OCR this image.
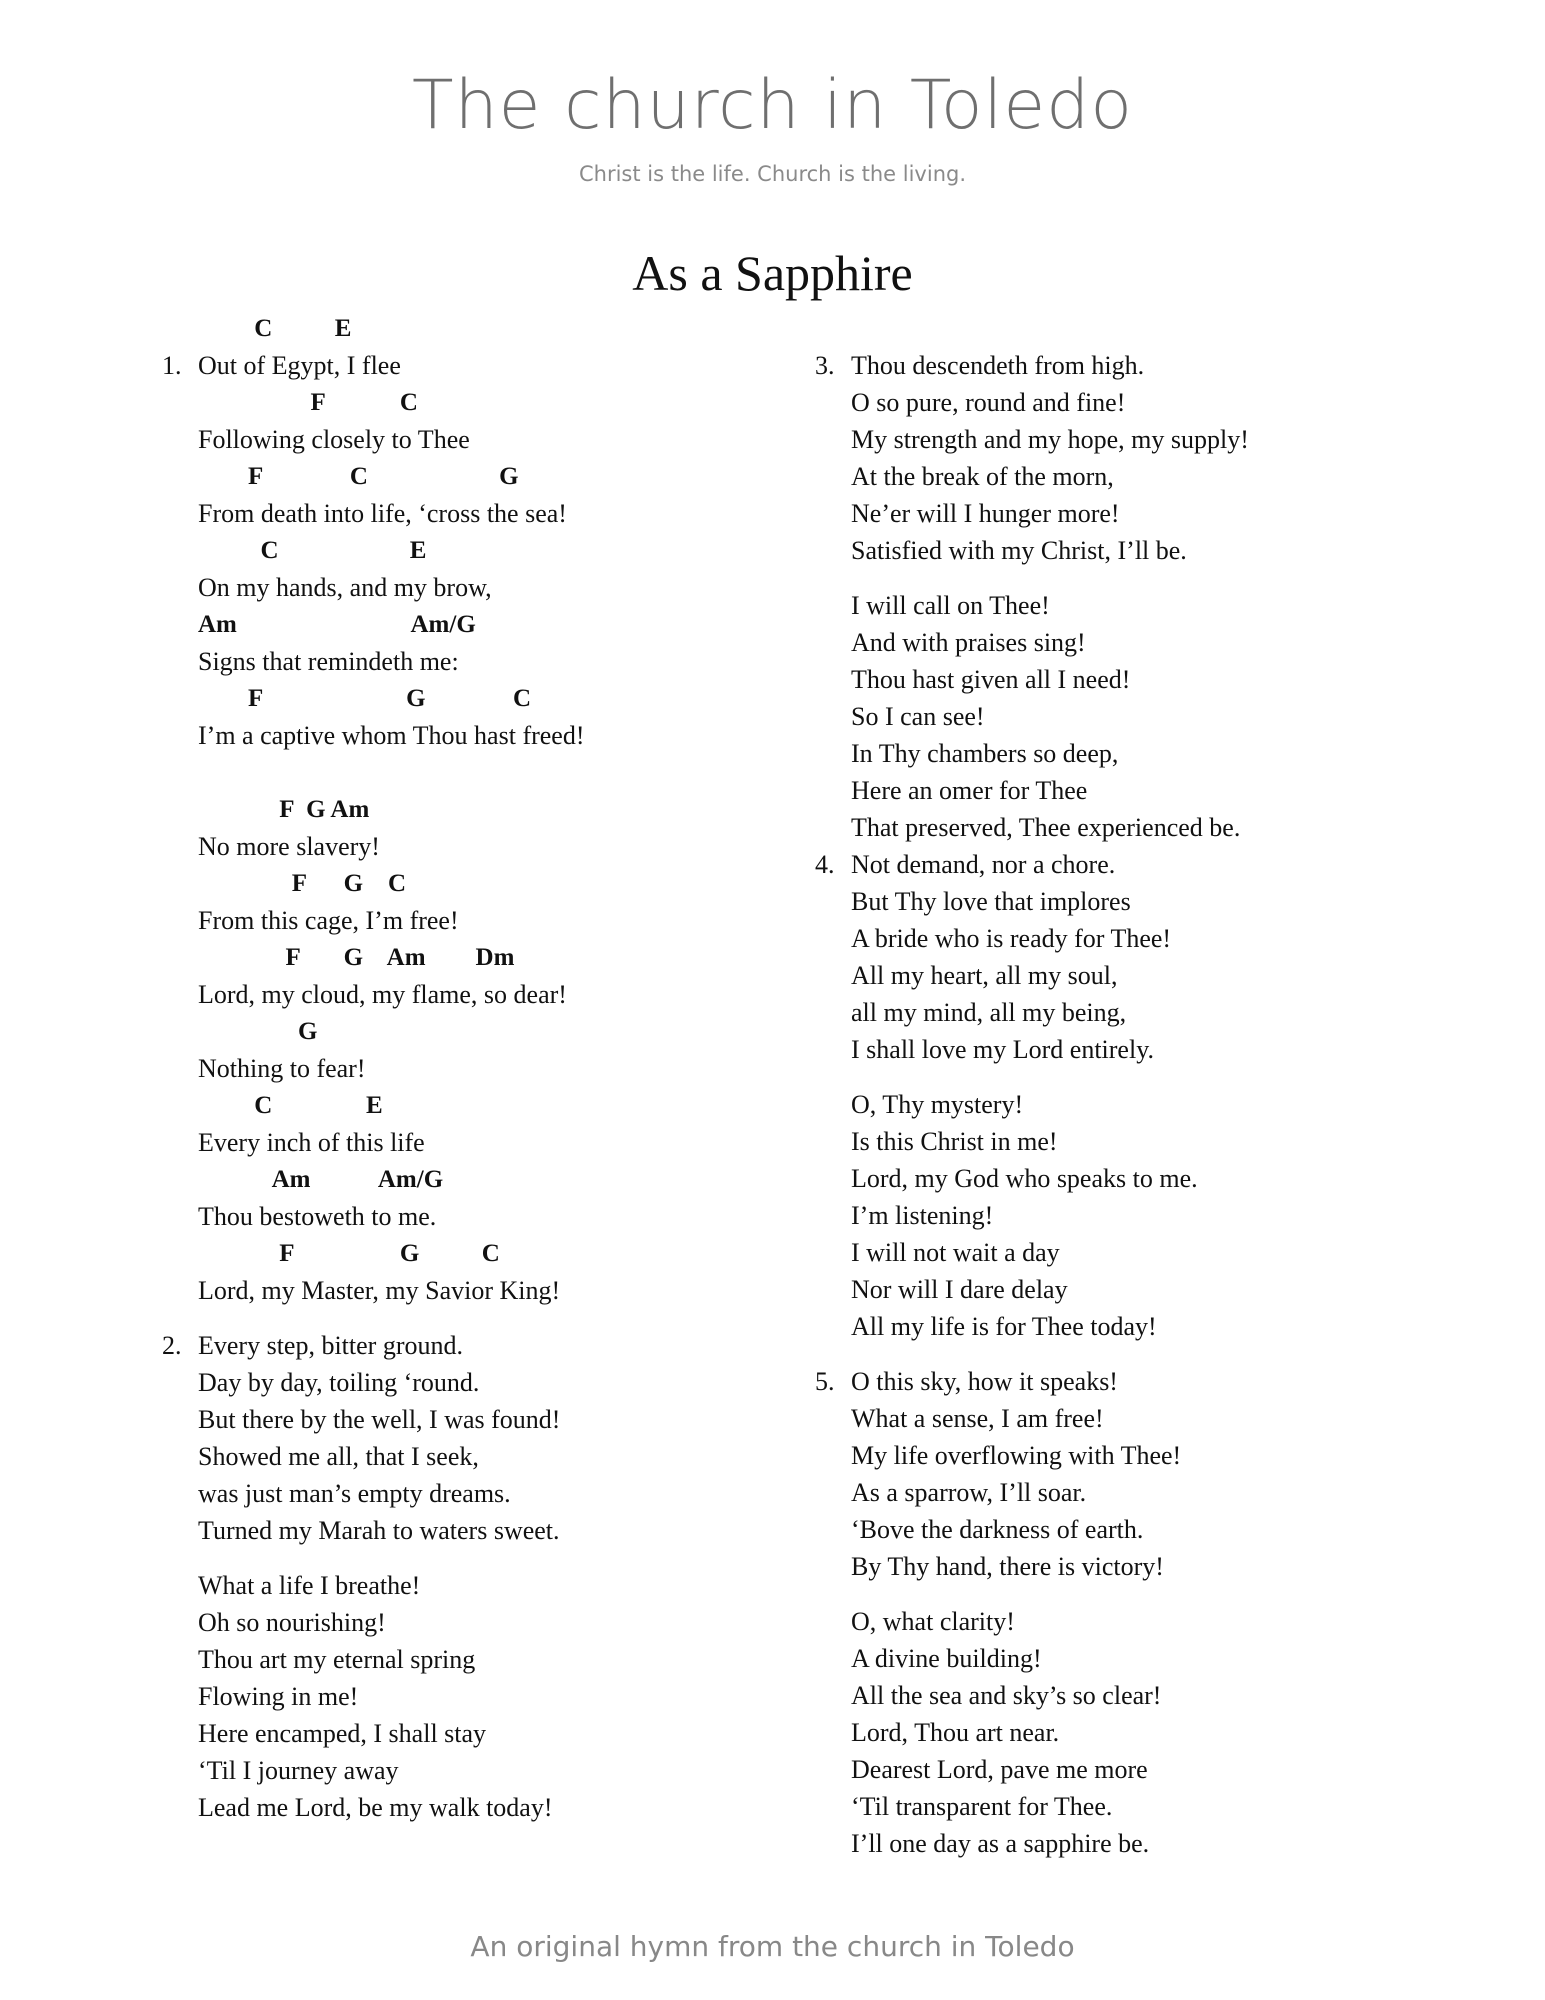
The church in Toledo
Christ is the life. Church is the living.
As a Sapphire
C          E
1. Out of Egypt, I flee
F            C
Following closely to Thee
F              C                     G
From death into life, ‘cross the sea!
C                     E
On my hands, and my brow,
Am                            Am/G
Signs that remindeth me:
F                       G              C
I’m a captive whom Thou hast freed!
F  G Am
No more slavery!
F      G    C
From this cage, I’m free!
F       G    Am        Dm
Lord, my cloud, my flame, so dear!
G
Nothing to fear!
C               E
Every inch of this life
Am           Am/G
Thou bestoweth to me.
F                 G          C
Lord, my Master, my Savior King!
2. Every step, bitter ground.
Day by day, toiling ‘round.
But there by the well, I was found!
Showed me all, that I seek,
was just man’s empty dreams.
Turned my Marah to waters sweet.
What a life I breathe!
Oh so nourishing!
Thou art my eternal spring
Flowing in me!
Here encamped, I shall stay
‘Til I journey away
Lead me Lord, be my walk today!
3. Thou descendeth from high.
O so pure, round and fine!
My strength and my hope, my supply!
At the break of the morn,
Ne’er will I hunger more!
Satisfied with my Christ, I’ll be.
I will call on Thee!
And with praises sing!
Thou hast given all I need!
So I can see!
In Thy chambers so deep,
Here an omer for Thee
That preserved, Thee experienced be.
4. Not demand, nor a chore.
But Thy love that implores
A bride who is ready for Thee!
All my heart, all my soul,
all my mind, all my being,
I shall love my Lord entirely.
O, Thy mystery!
Is this Christ in me!
Lord, my God who speaks to me.
I’m listening!
I will not wait a day
Nor will I dare delay
All my life is for Thee today!
5. O this sky, how it speaks!
What a sense, I am free!
My life overflowing with Thee!
As a sparrow, I’ll soar.
‘Bove the darkness of earth.
By Thy hand, there is victory!
O, what clarity!
A divine building!
All the sea and sky’s so clear!
Lord, Thou art near.
Dearest Lord, pave me more
‘Til transparent for Thee.
I’ll one day as a sapphire be.
An original hymn from the church in Toledo
